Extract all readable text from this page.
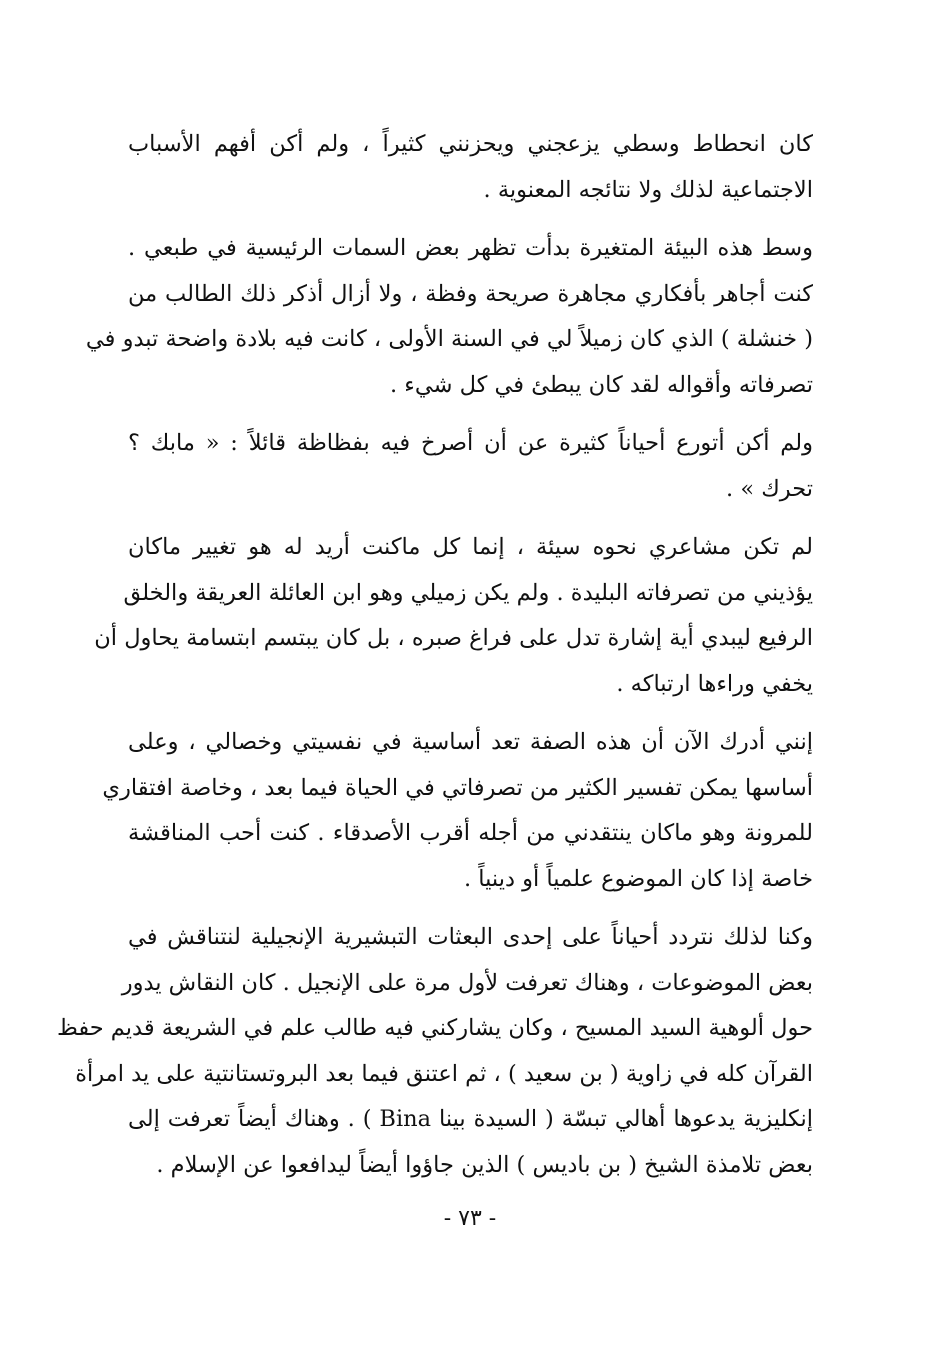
كان انحطاط وسطي يزعجني ويحزنني كثيراً ، ولم أكن أفهم الأسباب
الاجتماعية لذلك ولا نتائجه المعنوية .

وسط هذه البيئة المتغيرة بدأت تظهر بعض السمات الرئيسية في طبعي .
كنت أجاهر بأفكاري مجاهرة صريحة وفظة ، ولا أزال أذكر ذلك الطالب من
( خنشلة ) الذي كان زميلاً لي في السنة الأولى ، كانت فيه بلادة واضحة تبدو في
تصرفاته وأقواله لقد كان يبطئ في كل شيء .

ولم أكن أتورع أحياناً كثيرة عن أن أصرخ فيه بفظاظة قائلاً : « مابك ؟
تحرك » .

لم تكن مشاعري نحوه سيئة ، إنما كل ماكنت أريد له هو تغيير ماكان
يؤذيني من تصرفاته البليدة . ولم يكن زميلي وهو ابن العائلة العريقة والخلق
الرفيع ليبدي أية إشارة تدل على فراغ صبره ، بل كان يبتسم ابتسامة يحاول أن
يخفي وراءها ارتباكه .

إنني أدرك الآن أن هذه الصفة تعد أساسية في نفسيتي وخصالي ، وعلى
أساسها يمكن تفسير الكثير من تصرفاتي في الحياة فيما بعد ، وخاصة افتقاري
للمرونة وهو ماكان ينتقدني من أجله أقرب الأصدقاء . كنت أحب المناقشة
خاصة إذا كان الموضوع علمياً أو دينياً .

وكنا لذلك نتردد أحياناً على إحدى البعثات التبشيرية الإنجيلية لنتناقش في
بعض الموضوعات ، وهناك تعرفت لأول مرة على الإنجيل . كان النقاش يدور
حول ألوهية السيد المسيح ، وكان يشاركني فيه طالب علم في الشريعة قديم حفظ
القرآن كله في زاوية ( بن سعيد ) ، ثم اعتنق فيما بعد البروتستانتية على يد امرأة
إنكليزية يدعوها أهالي تبسّة ( السيدة بينا Bina ) . وهناك أيضاً تعرفت إلى
بعض تلامذة الشيخ ( بن باديس ) الذين جاؤوا أيضاً ليدافعوا عن الإسلام .

- ٧٣ -
